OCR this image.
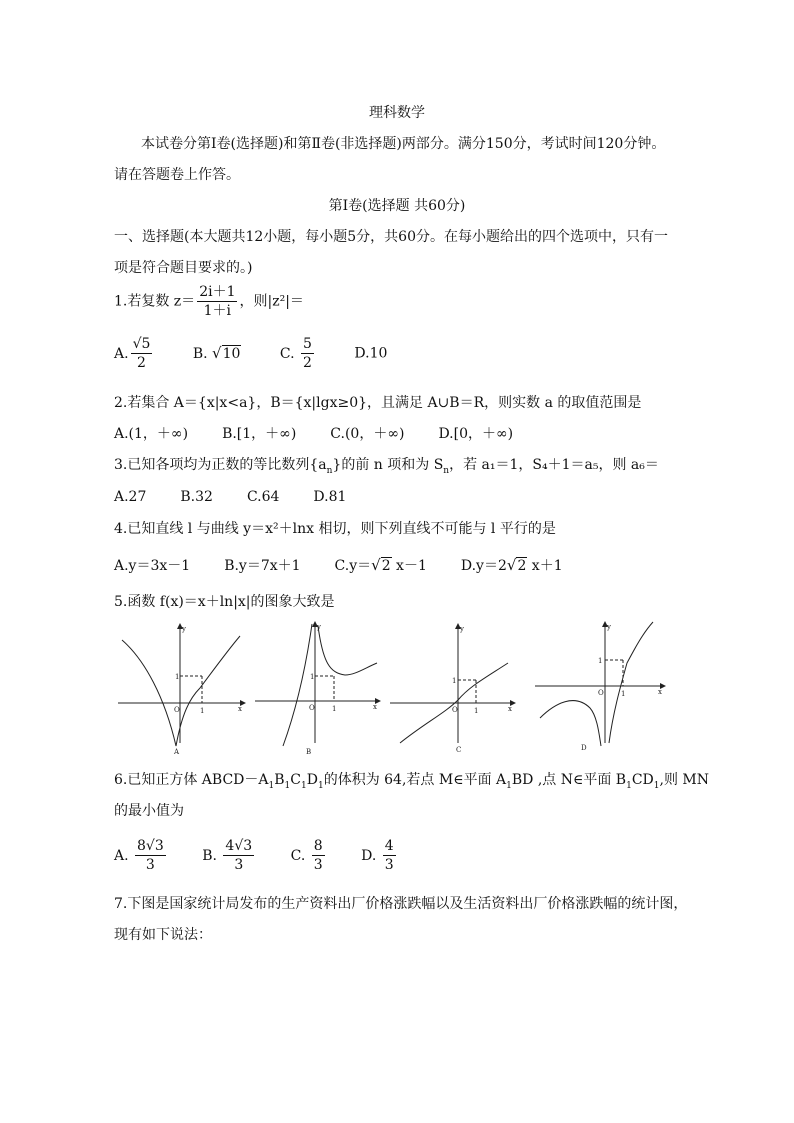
理科数学
本试卷分第Ⅰ卷(选择题)和第Ⅱ卷(非选择题)两部分。满分150分，考试时间120分钟。
请在答题卷上作答。
第Ⅰ卷(选择题 共60分)
一、选择题(本大题共12小题，每小题5分，共60分。在每小题给出的四个选项中，只有一
项是符合题目要求的。)
1.若复数 $z= \frac{2i+1}{1+i}$ ，则|z²|＝
A. $\frac{√5}{2}$	B. √10	C. $\frac{5}{2}$	D.10
2.若集合 A＝{x|x<a}，B＝{x|lgx≥0}，且满足 A∪B＝R，则实数 a 的取值范围是
A.(1，＋∞) B.[1，＋∞) C.(0，＋∞) D.[0，＋∞)
3.已知各项均为正数的等比数列$\{a_n\}$的前 n 项和为 $S_n$，若 a₁＝1，S₄＋1＝a₅，则 a₆＝
A.27 B.32 C.64 D.81
4.已知直线 l 与曲线 y＝x²＋lnx 相切，则下列直线不可能与 l 平行的是
A.y＝3x－1 B.y＝7x＋1 C.y＝√2 x－1 D.y＝2√2 x＋1
5.函数 f(x)＝x＋ln|x|的图象大致是
y
x
O
1
1
A
y
x
O
1
1
B
y
x
O
1
1
C
y
x
O
1
1
D
6.已知正方体 $ABCD-A_1B_1C_1D_1$的体积为 64,若点 M∈平面 $A_1BD$ ,点 N∈平面 $B_1CD_1$,则 MN
的最小值为
A. $\frac{8√3}{3}$	B. $\frac{4√3}{3}$	C. $\frac{8}{3}$	D. $\frac{4}{3}$
7.下图是国家统计局发布的生产资料出厂价格涨跌幅以及生活资料出厂价格涨跌幅的统计图，
现有如下说法：
